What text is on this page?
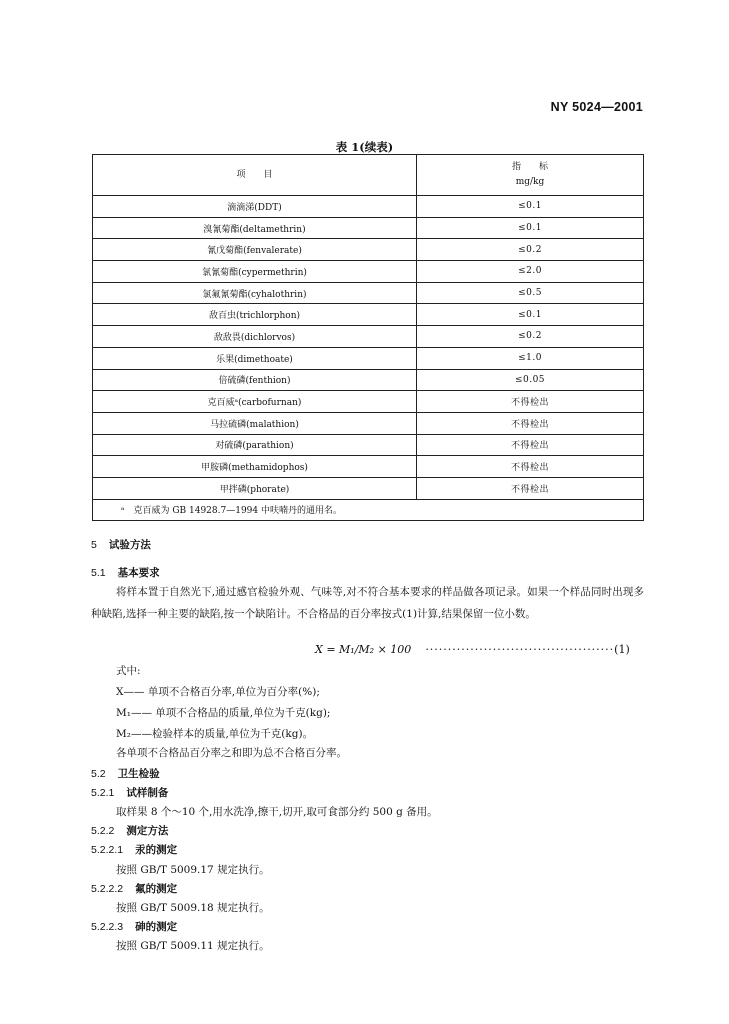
NY 5024—2001
表 1(续表)
项　　目	指　　标
mg/kg

滴滴涕(DDT)	≤0.1
溴氰菊酯(deltamethrin)	≤0.1
氰戊菊酯(fenvalerate)	≤0.2
氯氰菊酯(cypermethrin)	≤2.0
氯氟氰菊酯(cyhalothrin)	≤0.5
敌百虫(trichlorphon)	≤0.1
敌敌畏(dichlorvos)	≤0.2
乐果(dimethoate)	≤1.0
倍硫磷(fenthion)	≤0.05
克百威ᵃ(carbofurnan)	不得检出
马拉硫磷(malathion)	不得检出
对硫磷(parathion)	不得检出
甲胺磷(methamidophos)	不得检出
甲拌磷(phorate)	不得检出
ᵃ　克百威为 GB 14928.7—1994 中呋喃丹的通用名。	
5 试验方法
5.1 基本要求
将样本置于自然光下,通过感官检验外观、气味等,对不符合基本要求的样品做各项记录。如果一个样品同时出现多种缺陷,选择一种主要的缺陷,按一个缺陷计。不合格品的百分率按式(1)计算,结果保留一位小数。
X = M₁/M₂ × 100 ··········································(1)
式中:
X—— 单项不合格百分率,单位为百分率(%);
M₁—— 单项不合格品的质量,单位为千克(kg);
M₂——检验样本的质量,单位为千克(kg)。
各单项不合格品百分率之和即为总不合格百分率。
5.2 卫生检验
5.2.1 试样制备
取样果 8 个～10 个,用水洗净,擦干,切开,取可食部分约 500 g 备用。
5.2.2 测定方法
5.2.2.1 汞的测定
按照 GB/T 5009.17 规定执行。
5.2.2.2 氟的测定
按照 GB/T 5009.18 规定执行。
5.2.2.3 砷的测定
按照 GB/T 5009.11 规定执行。
